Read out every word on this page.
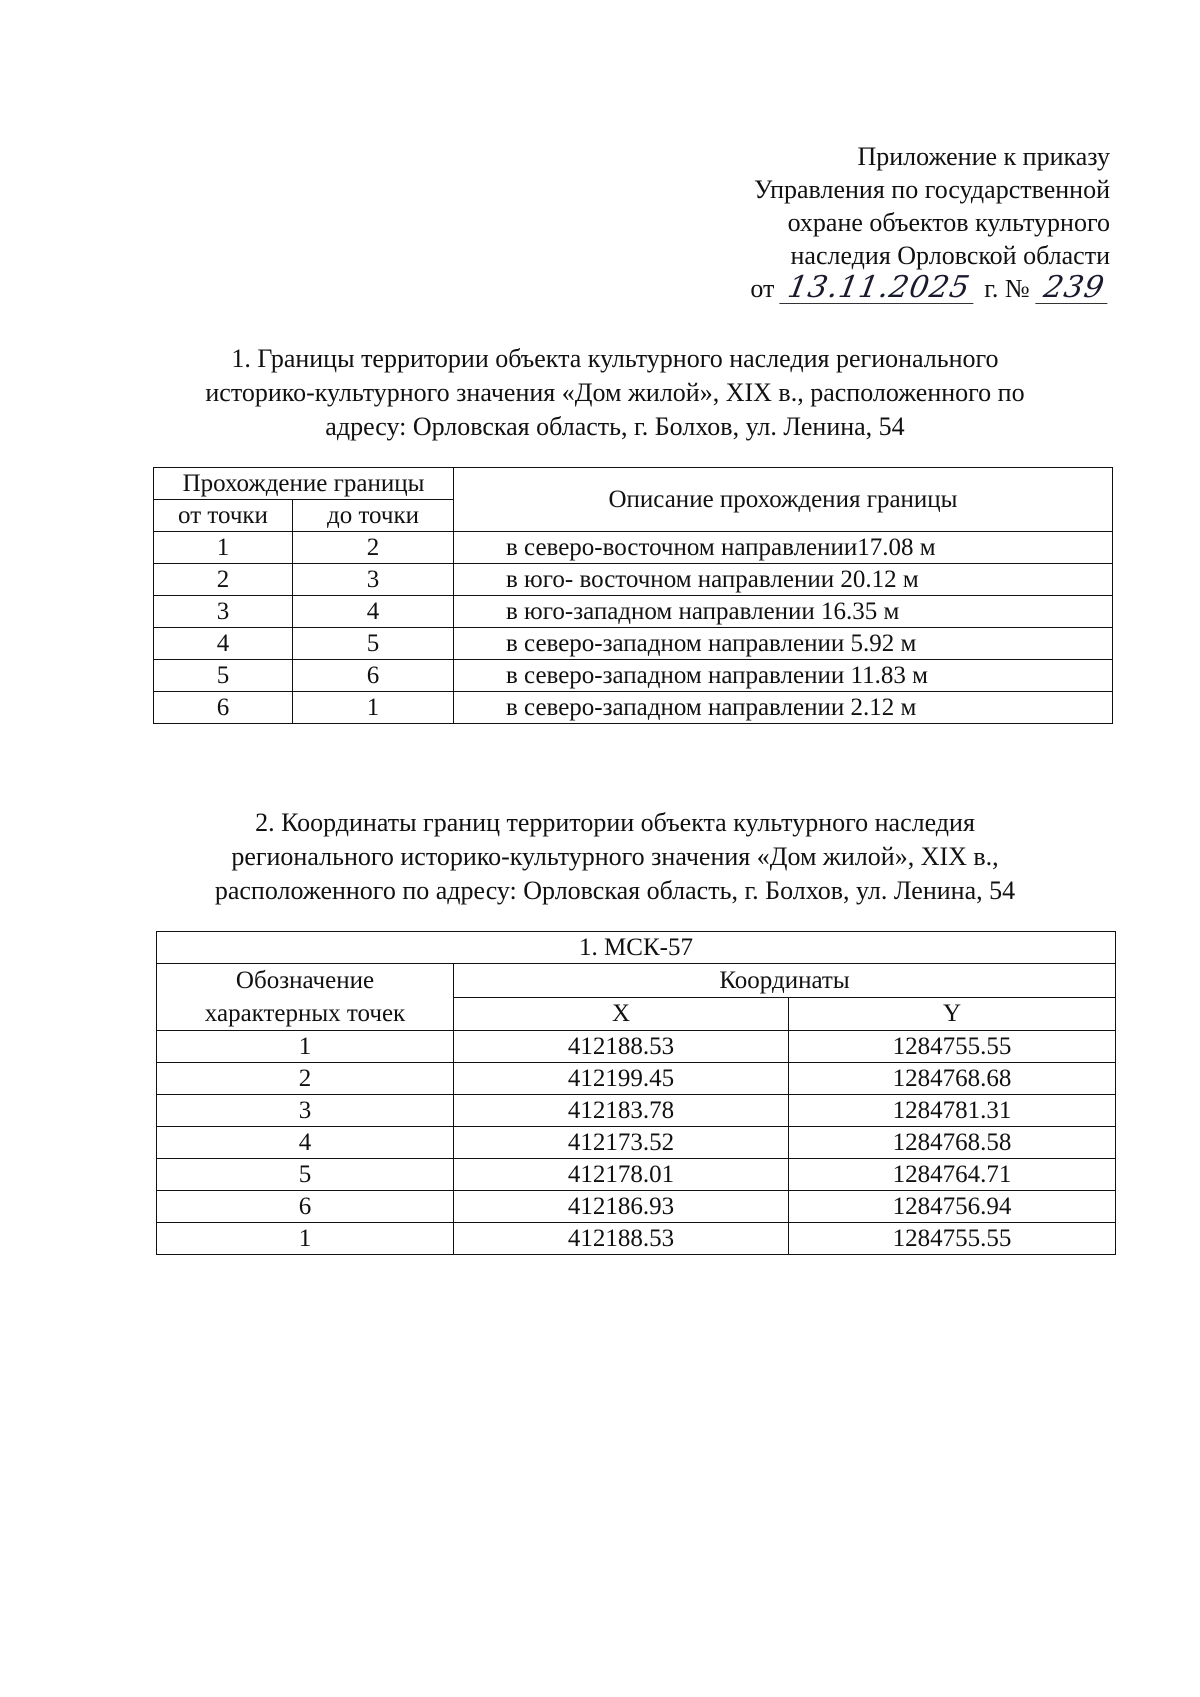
Приложение к приказу
Управления по государственной
охране объектов культурного
наследия Орловской области
от 13.11.2025 г. № 239
1. Границы территории объекта культурного наследия регионального
историко-культурного значения «Дом жилой», XIX в., расположенного по
адресу: Орловская область, г. Болхов, ул. Ленина, 54
Прохождение границы		Описание прохождения границы
от точки	до точки	
1	2	в северо-восточном направлении17.08 м
2	3	в юго- восточном направлении 20.12 м
3	4	в юго-западном направлении 16.35 м
4	5	в северо-западном направлении 5.92 м
5	6	в северо-западном направлении 11.83 м
6	1	в северо-западном направлении 2.12 м
2. Координаты границ территории объекта культурного наследия
регионального историко-культурного значения «Дом жилой», XIX в.,
расположенного по адресу: Орловская область, г. Болхов, ул. Ленина, 54
1. МСК-57		

Обозначение
характерных точек	Координаты	
	X	Y
1	412188.53	1284755.55
2	412199.45	1284768.68
3	412183.78	1284781.31
4	412173.52	1284768.58
5	412178.01	1284764.71
6	412186.93	1284756.94
1	412188.53	1284755.55
